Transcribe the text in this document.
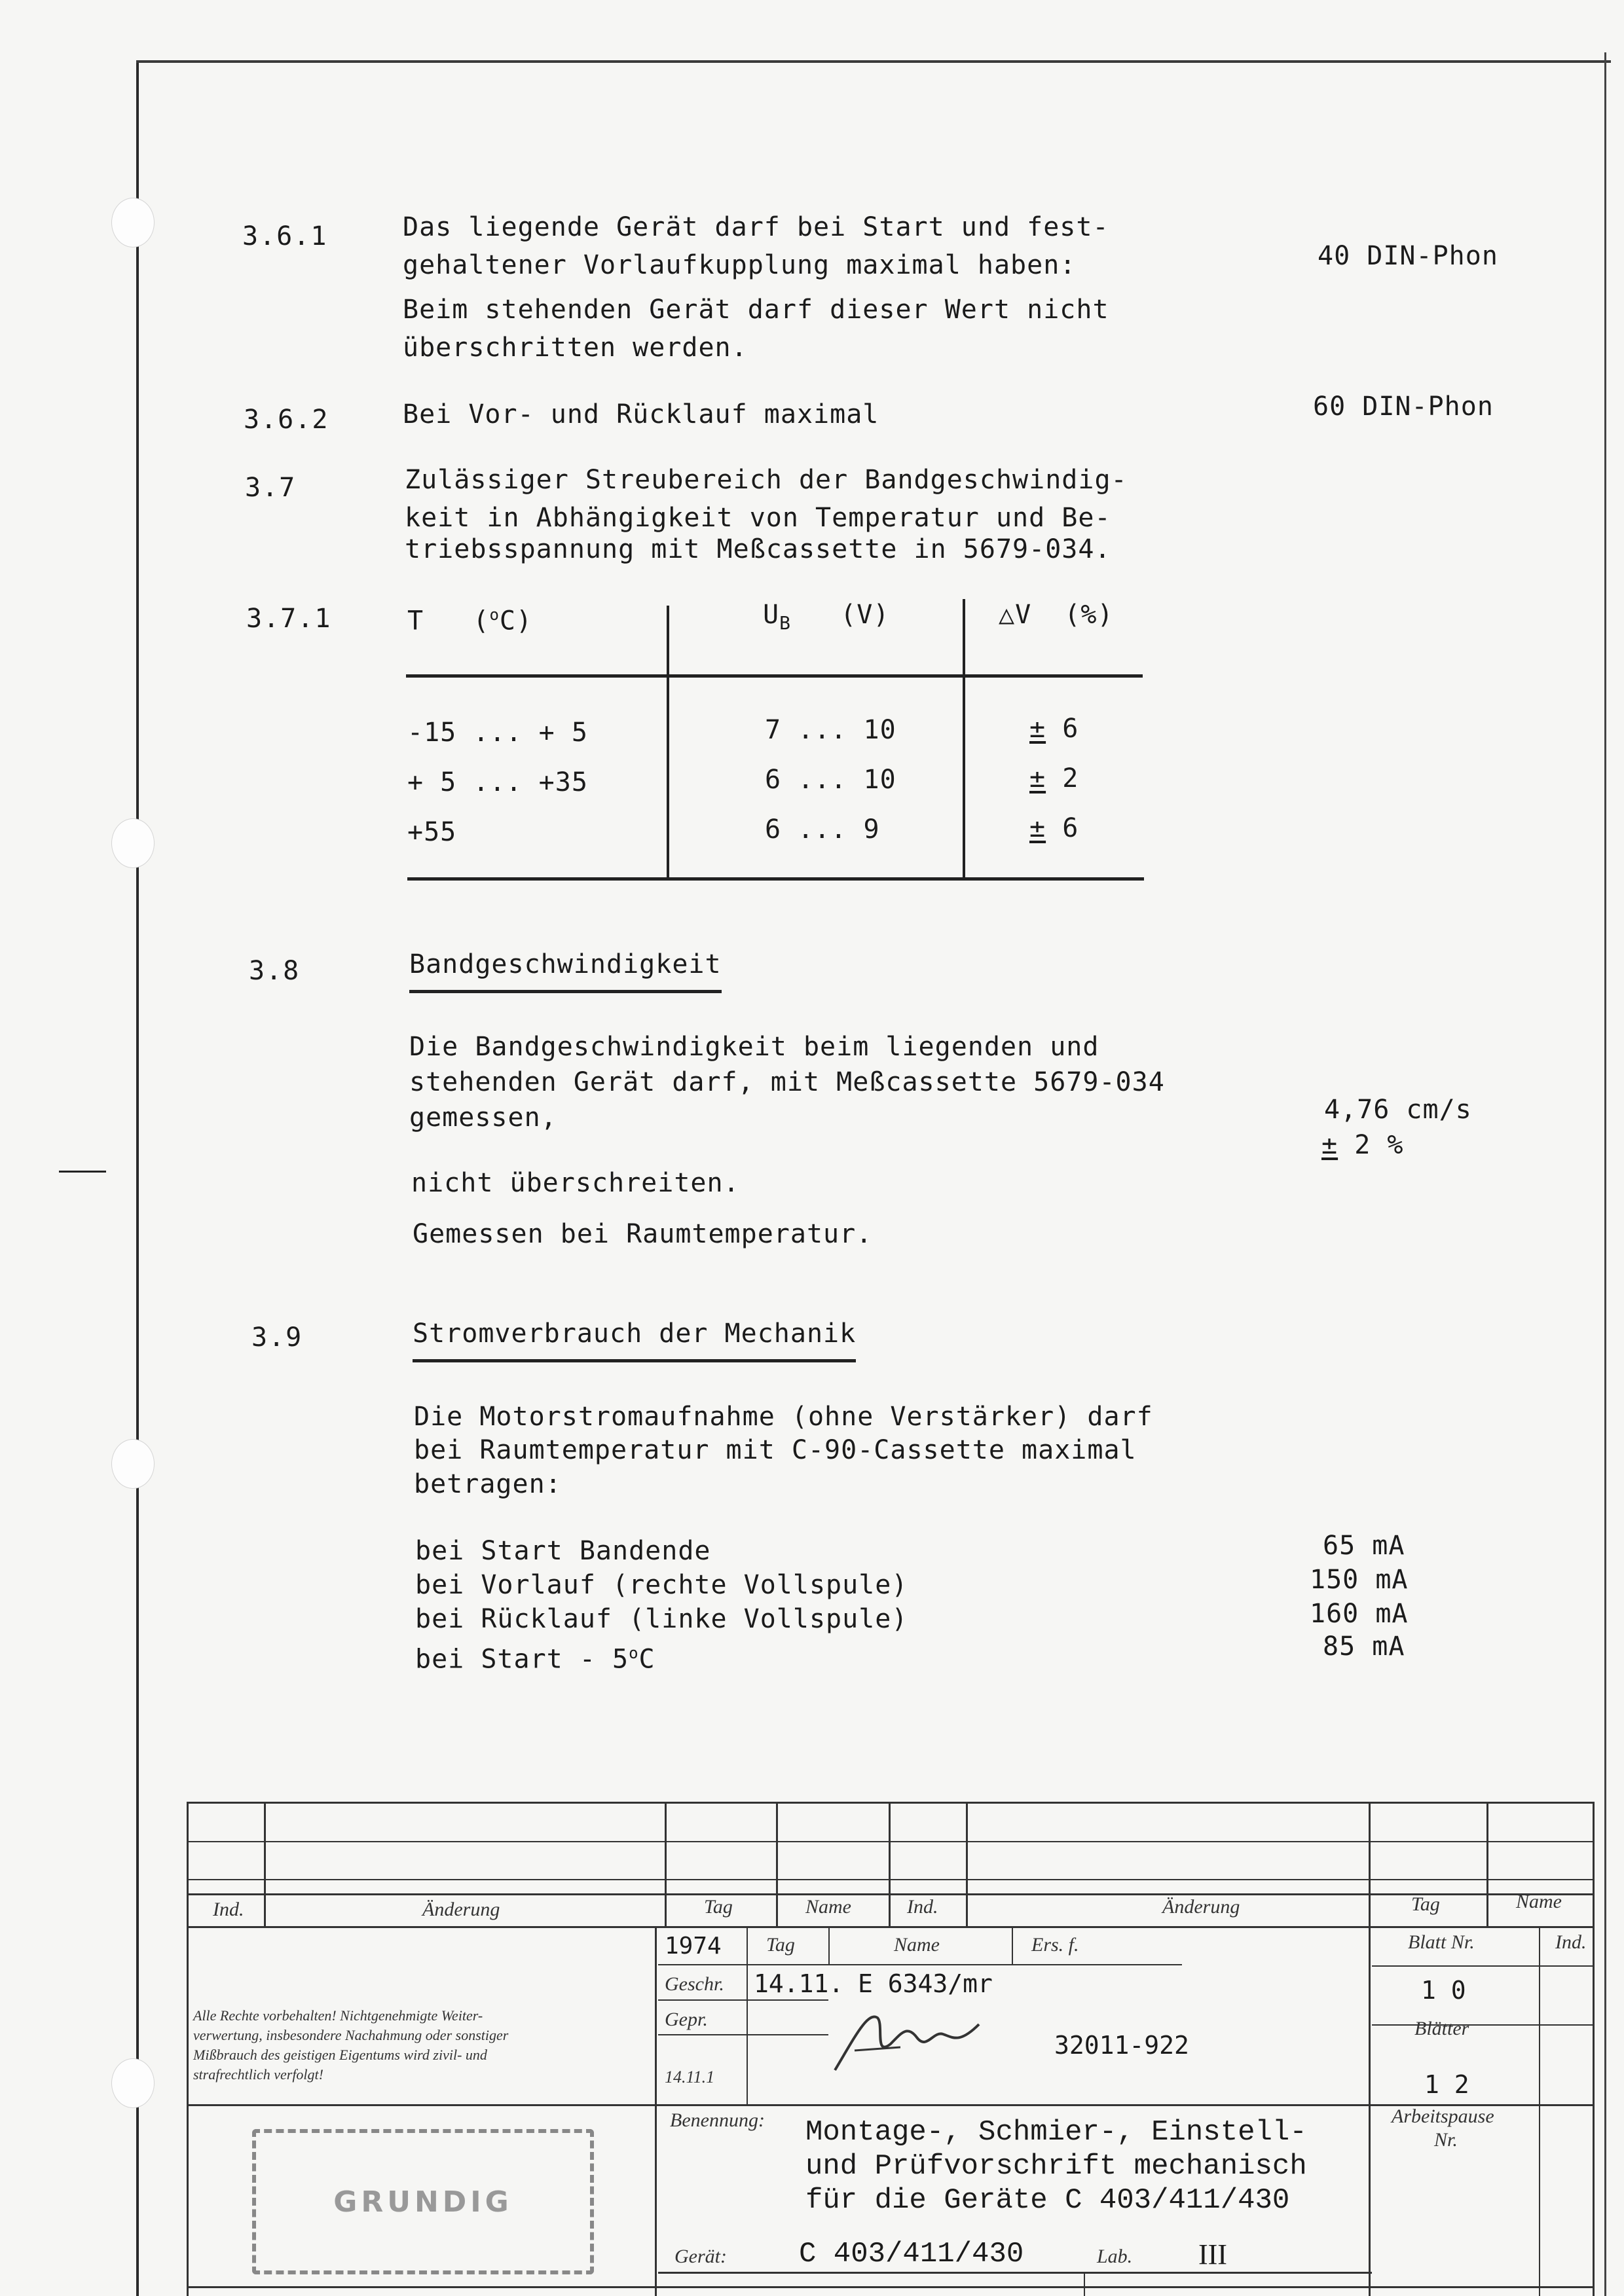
3.6.1	Das liegende Gerät darf bei Start und fest-
gehaltener Vorlaufkupplung maximal haben:	40 DIN-Phon
Beim stehenden Gerät darf dieser Wert nicht
überschritten werden.
3.6.2	Bei Vor- und Rücklauf maximal	60 DIN-Phon
3.7	Zulässiger Streubereich der Bandgeschwindig-
keit in Abhängigkeit von Temperatur und Be-
triebsspannung mit Meßcassette in 5679-034.
3.7.1	T ($^o$C)	$U_B$ (V)	△V (%)
-15 ... + 5	7 ... 10	± 6
+ 5 ... +35	6 ... 10	± 2
+55	6 ... 9	± 6
3.8	Bandgeschwindigkeit
Die Bandgeschwindigkeit beim liegenden und
stehenden Gerät darf, mit Meßcassette 5679-034
gemessen,	4,76 cm/s
± 2 %
nicht überschreiten.
Gemessen bei Raumtemperatur.
3.9	Stromverbrauch der Mechanik
Die Motorstromaufnahme (ohne Verstärker) darf
bei Raumtemperatur mit C-90-Cassette maximal
betragen:
bei Start Bandende	65 mA
bei Vorlauf (rechte Vollspule)	150 mA
bei Rücklauf (linke Vollspule)	160 mA
bei Start - 5$^o$C	85 mA
Ind.	Änderung	Tag	Name	Ind.	Änderung	Tag	Name
1974 Tag	Name	Ers. f.
Geschr. 14.11. E 6343/mr
Gepr.
14.11.1
32011-922
Blatt Nr.	Ind.
1 0
Blätter
1 2
Arbeitspause
Nr.
Alle Rechte vorbehalten! Nichtgenehmigte Weiter-
verwertung, insbesondere Nachahmung oder sonstiger
Mißbrauch des geistigen Eigentums wird zivil- und
strafrechtlich verfolgt!
GRUNDIG
Benennung: Montage-, Schmier-, Einstell-
und Prüfvorschrift mechanisch
für die Geräte C 403/411/430
Gerät:	C 403/411/430	Lab. III
